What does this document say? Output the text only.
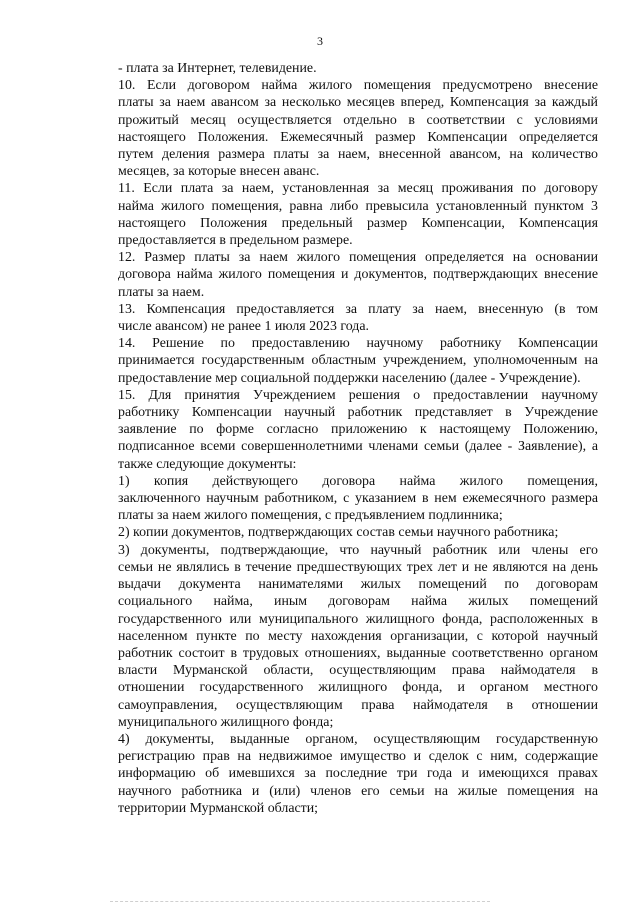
3
- плата за Интернет, телевидение.
10. Если договором найма жилого помещения предусмотрено внесение
платы за наем авансом за несколько месяцев вперед, Компенсация за каждый
прожитый месяц осуществляется отдельно в соответствии с условиями
настоящего Положения. Ежемесячный размер Компенсации определяется
путем деления размера платы за наем, внесенной авансом, на количество
месяцев, за которые внесен аванс.
11. Если плата за наем, установленная за месяц проживания по договору
найма жилого помещения, равна либо превысила установленный пунктом 3
настоящего Положения предельный размер Компенсации, Компенсация
предоставляется в предельном размере.
12. Размер платы за наем жилого помещения определяется на основании
договора найма жилого помещения и документов, подтверждающих внесение
платы за наем.
13. Компенсация предоставляется за плату за наем, внесенную (в том
числе авансом) не ранее 1 июля 2023 года.
14. Решение по предоставлению научному работнику Компенсации
принимается государственным областным учреждением, уполномоченным на
предоставление мер социальной поддержки населению (далее - Учреждение).
15. Для принятия Учреждением решения о предоставлении научному
работнику Компенсации научный работник представляет в Учреждение
заявление по форме согласно приложению к настоящему Положению,
подписанное всеми совершеннолетними членами семьи (далее - Заявление), а
также следующие документы:
1) копия действующего договора найма жилого помещения,
заключенного научным работником, с указанием в нем ежемесячного размера
платы за наем жилого помещения, с предъявлением подлинника;
2) копии документов, подтверждающих состав семьи научного работника;
3) документы, подтверждающие, что научный работник или члены его
семьи не являлись в течение предшествующих трех лет и не являются на день
выдачи документа нанимателями жилых помещений по договорам
социального найма, иным договорам найма жилых помещений
государственного или муниципального жилищного фонда, расположенных в
населенном пункте по месту нахождения организации, с которой научный
работник состоит в трудовых отношениях, выданные соответственно органом
власти Мурманской области, осуществляющим права наймодателя в
отношении государственного жилищного фонда, и органом местного
самоуправления, осуществляющим права наймодателя в отношении
муниципального жилищного фонда;
4) документы, выданные органом, осуществляющим государственную
регистрацию прав на недвижимое имущество и сделок с ним, содержащие
информацию об имевшихся за последние три года и имеющихся правах
научного работника и (или) членов его семьи на жилые помещения на
территории Мурманской области;
